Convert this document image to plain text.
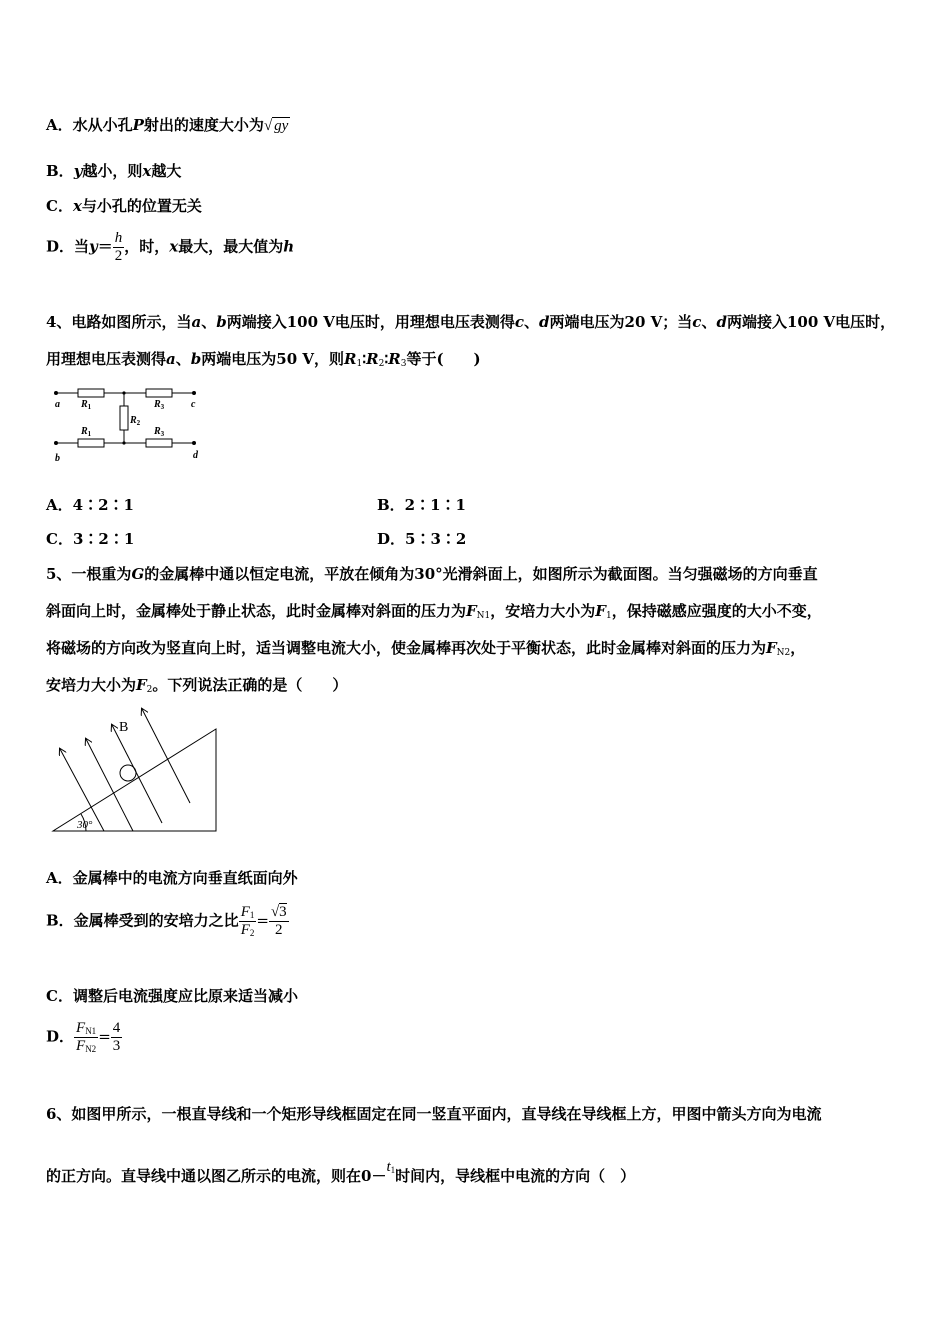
A．水从小孔P射出的速度大小为√ gy
B．y越小，则x越大
C．x与小孔的位置无关
D．当$y= \frac{h}{2}$ ，时，x最大，最大值为h
4、电路如图所示，当a、b两端接入100 V电压时，用理想电压表测得c、d两端电压为20 V；当c、d两端接入100 V电压时，用理想电压表测得a、b两端电压为50 V，则$R_1∶R_2∶R_3$等于(　　)
a
b
c
d
$R_1$	$R_3$
$R_2$
$R_1$	$R_3$
A．4∶2∶1	B．2∶1∶1
C．3∶2∶1	D．5∶3∶2
5、一根重为G的金属棒中通以恒定电流，平放在倾角为30°光滑斜面上，如图所示为截面图。当匀强磁场的方向垂直
斜面向上时，金属棒处于静止状态，此时金属棒对斜面的压力为$F_{N1}$，安培力大小为$F_1$，保持磁感应强度的大小不变，
将磁场的方向改为竖直向上时，适当调整电流大小，使金属棒再次处于平衡状态，此时金属棒对斜面的压力为$F_{N2}$，
安培力大小为$F_2$。下列说法正确的是（　　）
B
30°
A．金属棒中的电流方向垂直纸面向外
B．金属棒受到的安培力之比 $\frac{F_1}{F_2} = \frac{√3}{2}$
C．调整后电流强度应比原来适当减小
D． $\frac{F_{N1}}{F_{N2}} = \frac{4}{3}$
6、如图甲所示，一根直导线和一个矩形导线框固定在同一竖直平面内，直导线在导线框上方，甲图中箭头方向为电流
的正方向。直导线中通以图乙所示的电流，则在$0-t_1$时间内，导线框中电流的方向（　）
